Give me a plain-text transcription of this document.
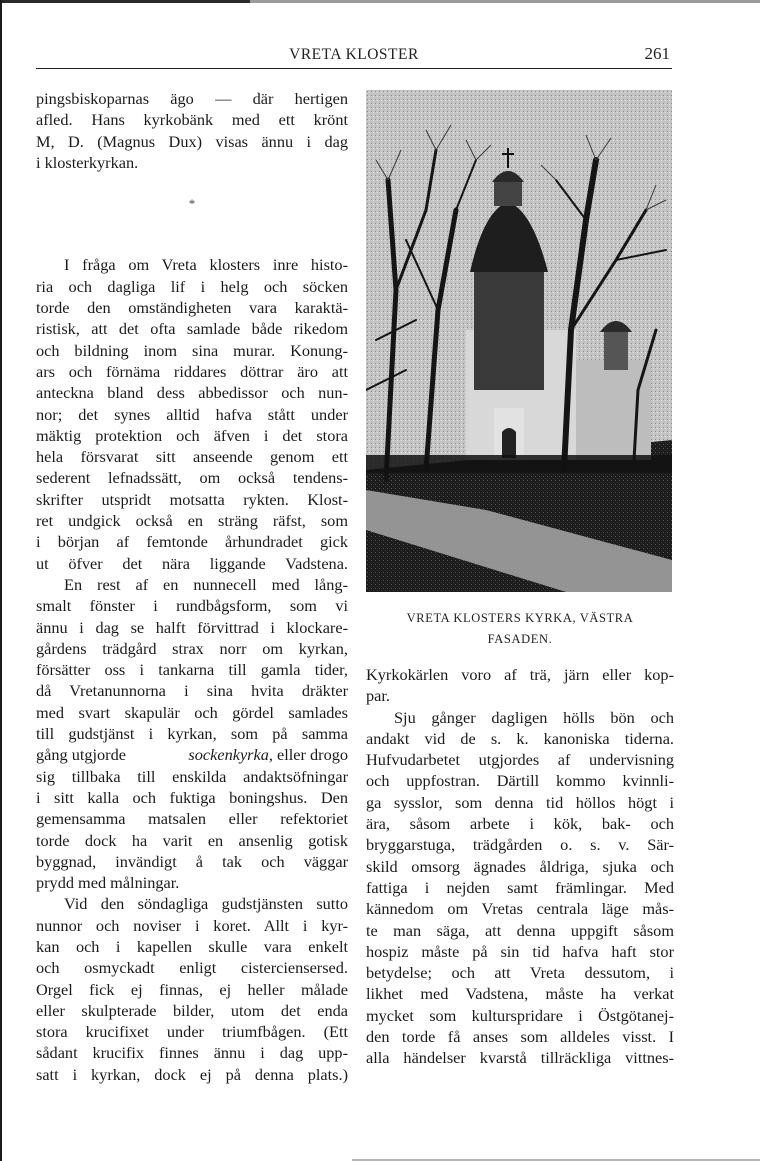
VRETA KLOSTER	261
pingsbiskoparnas ägo — där hertigen
afled. Hans kyrkobänk med ett krönt
M, D. (Magnus Dux) visas ännu i dag
i klosterkyrkan.
*
I fråga om Vreta klosters inre histo-
ria och dagliga lif i helg och söcken
torde den omständigheten vara karaktä-
ristisk, att det ofta samlade både rikedom
och bildning inom sina murar. Konung-
ars och förnäma riddares döttrar äro att
anteckna bland dess abbedissor och nun-
nor; det synes alltid hafva stått under
mäktig protektion och äfven i det stora
hela försvarat sitt anseende genom ett
sederent lefnadssätt, om också tendens-
skrifter utspridt motsatta rykten. Klost-
ret undgick också en sträng räfst, som
i början af femtonde århundradet gick
ut öfver det nära liggande Vadstena.
En rest af en nunnecell med lång-
smalt fönster i rundbågsform, som vi
ännu i dag se halft förvittrad i klockare-
gårdens trädgård strax norr om kyrkan,
försätter oss i tankarna till gamla tider,
då Vretanunnorna i sina hvita dräkter
med svart skapulär och gördel samlades
till gudstjänst i kyrkan, som på samma
gång utgjorde	sockenkyrka, eller drogo
sig tillbaka till enskilda andaktsöfningar
i sitt kalla och fuktiga boningshus. Den
gemensamma matsalen eller refektoriet
torde dock ha varit en ansenlig gotisk
byggnad, invändigt å tak och väggar
prydd med målningar.
Vid den söndagliga gudstjänsten sutto
nunnor och noviser i koret. Allt i kyr-
kan och i kapellen skulle vara enkelt
och osmyckadt enligt cisterciensersed.
Orgel fick ej finnas, ej heller målade
eller skulpterade bilder, utom det enda
stora krucifixet under triumfbågen. (Ett
sådant krucifix finnes ännu i dag upp-
satt i kyrkan, dock ej på denna plats.)
VRETA KLOSTERS KYRKA, VÄSTRA
FASADEN.
Kyrkokärlen voro af trä, järn eller kop-
par.
Sju gånger dagligen hölls bön och
andakt vid de s. k. kanoniska tiderna.
Hufvudarbetet utgjordes af undervisning
och uppfostran. Därtill kommo kvinnli-
ga sysslor, som denna tid höllos högt i
ära, såsom arbete i kök, bak- och
bryggarstuga, trädgården o. s. v. Sär-
skild omsorg ägnades åldriga, sjuka och
fattiga i nejden samt främlingar. Med
kännedom om Vretas centrala läge mås-
te man säga, att denna uppgift såsom
hospiz måste på sin tid hafva haft stor
betydelse; och att Vreta dessutom, i
likhet med Vadstena, måste ha verkat
mycket som kulturspridare i Östgötanej-
den torde få anses som alldeles visst. I
alla händelser kvarstå tillräckliga vittnes-
